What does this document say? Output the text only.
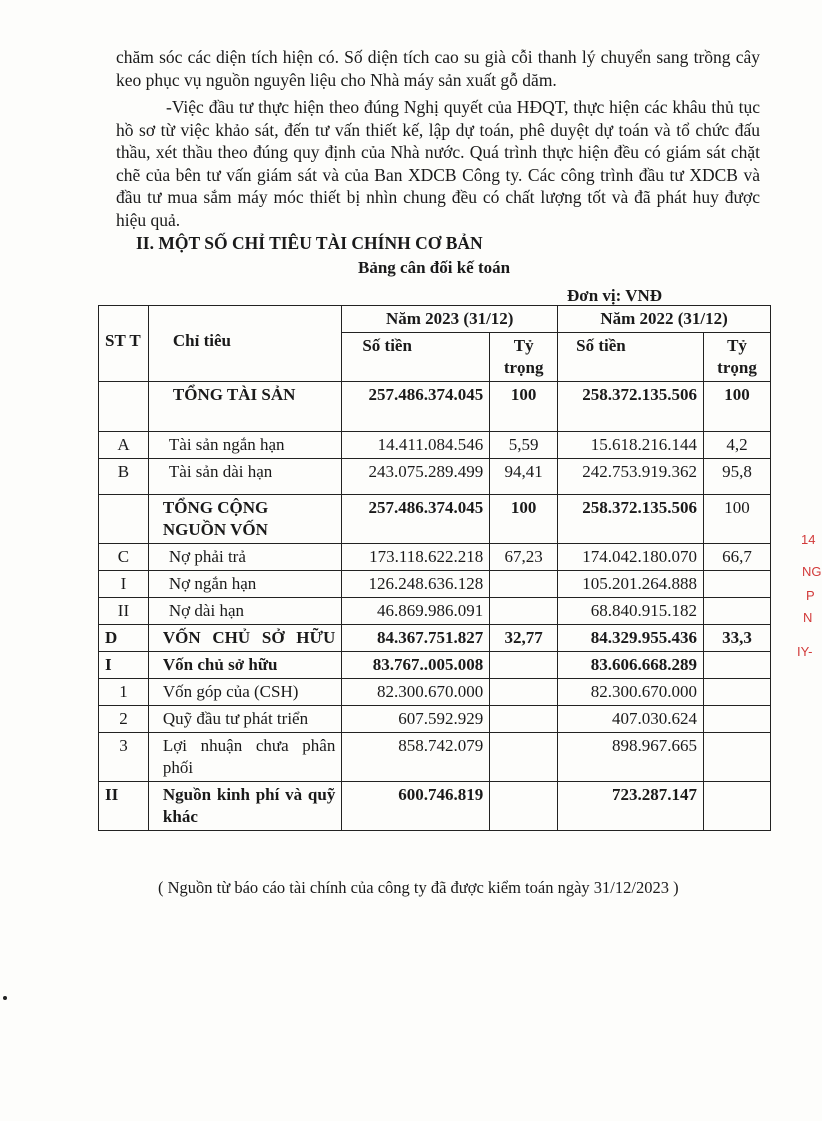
chăm sóc các diện tích hiện có. Số diện tích cao su già cỗi thanh lý chuyển sang trồng cây keo phục vụ nguồn nguyên liệu cho Nhà máy sản xuất gỗ dăm.

-Việc đầu tư thực hiện theo đúng Nghị quyết của HĐQT, thực hiện các khâu thủ tục hồ sơ từ việc khảo sát, đến tư vấn thiết kế, lập dự toán, phê duyệt dự toán và tổ chức đấu thầu, xét thầu theo đúng quy định của Nhà nước. Quá trình thực hiện đều có giám sát chặt chẽ của bên tư vấn giám sát và của Ban XDCB Công ty. Các công trình đầu tư XDCB và đầu tư mua sắm máy móc thiết bị nhìn chung đều có chất lượng tốt và đã phát huy được hiệu quả.

II. MỘT SỐ CHỈ TIÊU TÀI CHÍNH CƠ BẢN
Bảng cân đối kế toán
Đơn vị: VNĐ
ST T	Chỉ tiêu	Năm 2023 (31/12)		Năm 2022 (31/12)	
		Số tiền	Tỷ trọng	Số tiền	Tỷ trọng
	TỔNG TÀI SẢN	257.486.374.045	100	258.372.135.506	100
A	Tài sản ngắn hạn	14.411.084.546	5,59	15.618.216.144	4,2
B	Tài sản dài hạn	243.075.289.499	94,41	242.753.919.362	95,8
	TỔNG CỘNG NGUỒN VỐN	257.486.374.045	100	258.372.135.506	100
C	Nợ phải trả	173.118.622.218	67,23	174.042.180.070	66,7
I	Nợ ngắn hạn	126.248.636.128		105.201.264.888	
II	Nợ dài hạn	46.869.986.091		68.840.915.182	
D	VỐN CHỦ SỞ HỮU	84.367.751.827	32,77	84.329.955.436	33,3
I	Vốn chủ sở hữu	83.767..005.008		83.606.668.289	
1	Vốn góp của (CSH)	82.300.670.000		82.300.670.000	
2	Quỹ đầu tư phát triển	607.592.929		407.030.624	
3	Lợi nhuận chưa phân phối	858.742.079		898.967.665	
II	Nguồn kinh phí và quỹ khác	600.746.819		723.287.147	
( Nguồn từ báo cáo tài chính của công ty đã được kiểm toán ngày 31/12/2023 )
14
NG
P
N
IY-
